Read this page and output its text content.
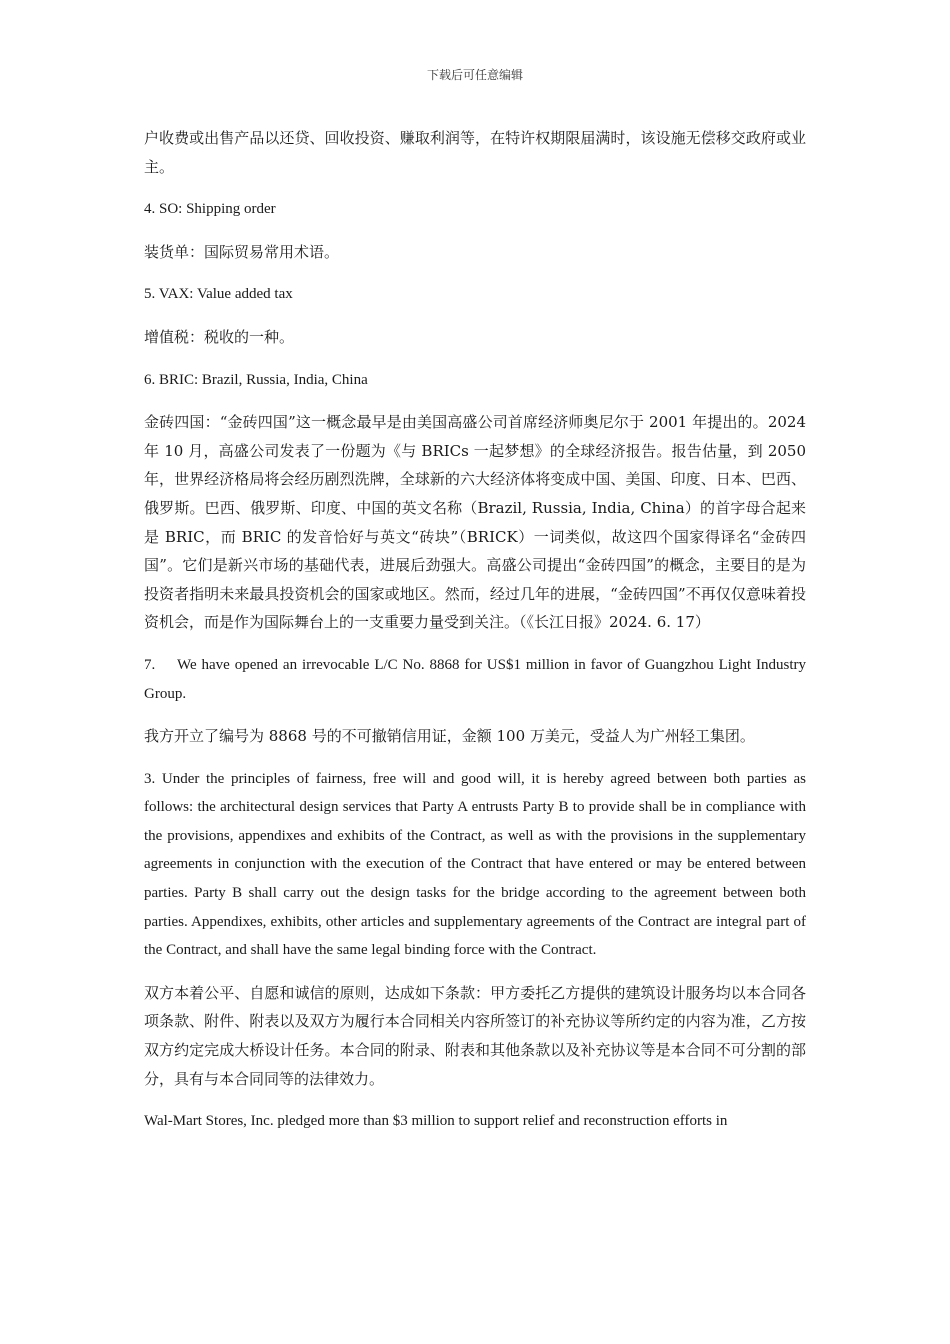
下载后可任意编辑

户收费或出售产品以还贷、回收投资、赚取利润等，在特许权期限届满时，该设施无偿移交政府或业主。

4. SO: Shipping order

装货单：国际贸易常用术语。

5. VAX: Value added tax

增值税：税收的一种。

6. BRIC: Brazil, Russia, India, China

金砖四国：“金砖四国”这一概念最早是由美国高盛公司首席经济师奥尼尔于 2001 年提出的。2024 年 10 月，高盛公司发表了一份题为《与 BRICs 一起梦想》的全球经济报告。报告估量，到 2050 年，世界经济格局将会经历剧烈洗牌，全球新的六大经济体将变成中国、美国、印度、日本、巴西、俄罗斯。巴西、俄罗斯、印度、中国的英文名称（Brazil, Russia, India, China）的首字母合起来是 BRIC，而 BRIC 的发音恰好与英文“砖块”（BRICK）一词类似，故这四个国家得译名“金砖四国”。它们是新兴市场的基础代表，进展后劲强大。高盛公司提出“金砖四国”的概念，主要目的是为投资者指明未来最具投资机会的国家或地区。然而，经过几年的进展，“金砖四国”不再仅仅意味着投资机会，而是作为国际舞台上的一支重要力量受到关注。（《长江日报》2024. 6. 17）

7. We have opened an irrevocable L/C No. 8868 for US$1 million in favor of Guangzhou Light Industry Group.

我方开立了编号为 8868 号的不可撤销信用证，金额 100 万美元，受益人为广州轻工集团。

3. Under the principles of fairness, free will and good will, it is hereby agreed between both parties as follows: the architectural design services that Party A entrusts Party B to provide shall be in compliance with the provisions, appendixes and exhibits of the Contract, as well as with the provisions in the supplementary agreements in conjunction with the execution of the Contract that have entered or may be entered between parties. Party B shall carry out the design tasks for the bridge according to the agreement between both parties. Appendixes, exhibits, other articles and supplementary agreements of the Contract are integral part of the Contract, and shall have the same legal binding force with the Contract.

双方本着公平、自愿和诚信的原则，达成如下条款：甲方委托乙方提供的建筑设计服务均以本合同各项条款、附件、附表以及双方为履行本合同相关内容所签订的补充协议等所约定的内容为准，乙方按双方约定完成大桥设计任务。本合同的附录、附表和其他条款以及补充协议等是本合同不可分割的部分，具有与本合同同等的法律效力。

Wal-Mart Stores, Inc. pledged more than $3 million to support relief and reconstruction efforts in
